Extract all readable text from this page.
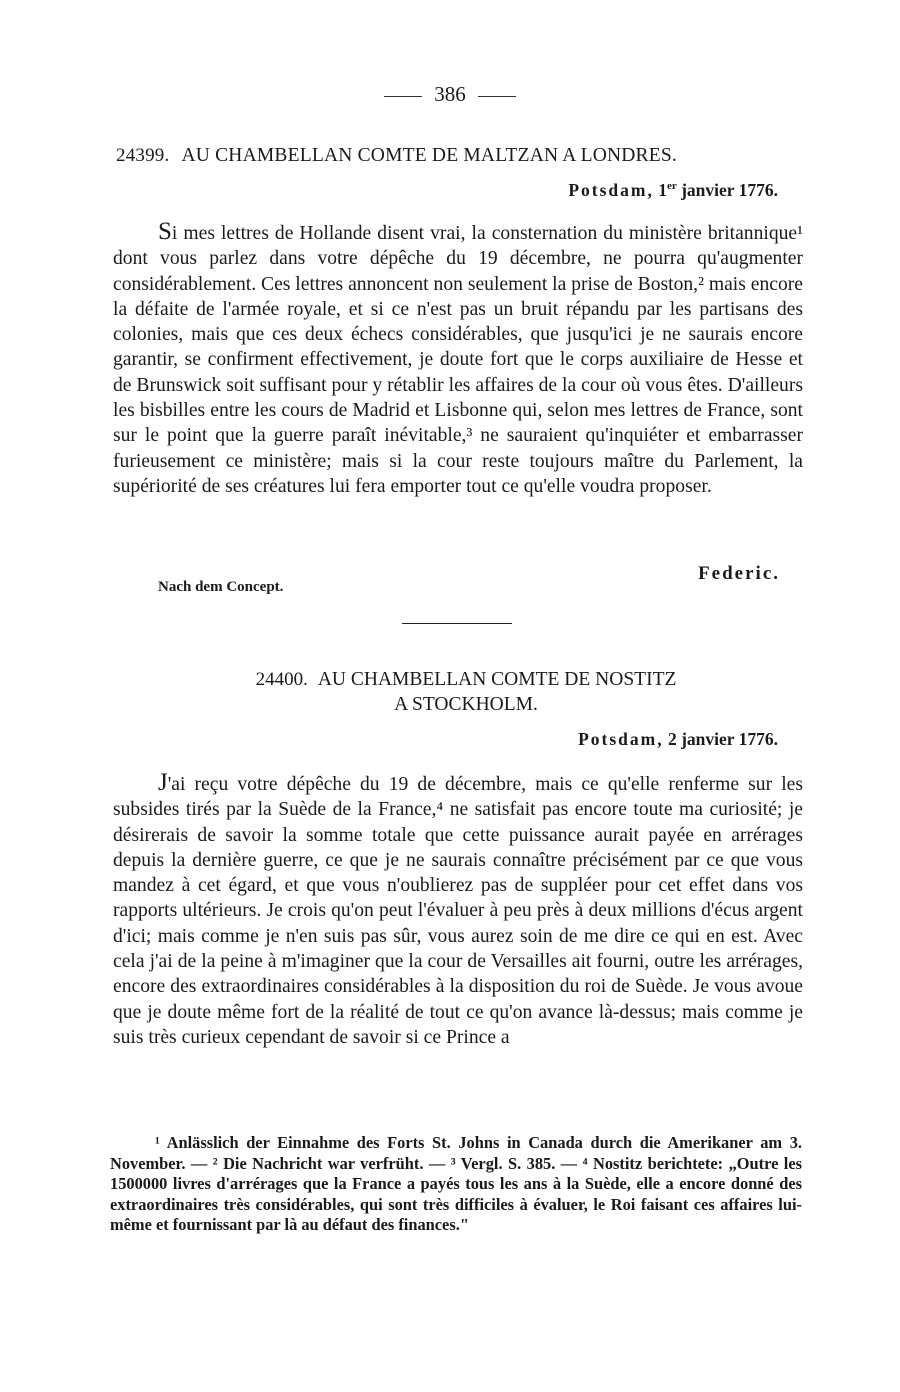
386
24399. AU CHAMBELLAN COMTE DE MALTZAN A LONDRES.
Potsdam, 1er janvier 1776.
Si mes lettres de Hollande disent vrai, la consternation du ministère britannique¹ dont vous parlez dans votre dépêche du 19 décembre, ne pourra qu'augmenter considérablement. Ces lettres annoncent non seulement la prise de Boston,² mais encore la défaite de l'armée royale, et si ce n'est pas un bruit répandu par les partisans des colonies, mais que ces deux échecs considérables, que jusqu'ici je ne saurais encore garantir, se confirment effectivement, je doute fort que le corps auxiliaire de Hesse et de Brunswick soit suffisant pour y rétablir les affaires de la cour où vous êtes. D'ailleurs les bisbilles entre les cours de Madrid et Lisbonne qui, selon mes lettres de France, sont sur le point que la guerre paraît inévitable,³ ne sauraient qu'inquiéter et embarrasser furieusement ce ministère; mais si la cour reste toujours maître du Parlement, la supériorité de ses créatures lui fera emporter tout ce qu'elle voudra proposer.
Federic.
Nach dem Concept.
24400. AU CHAMBELLAN COMTE DE NOSTITZ
A STOCKHOLM.
Potsdam, 2 janvier 1776.
J'ai reçu votre dépêche du 19 de décembre, mais ce qu'elle renferme sur les subsides tirés par la Suède de la France,⁴ ne satisfait pas encore toute ma curiosité; je désirerais de savoir la somme totale que cette puissance aurait payée en arrérages depuis la dernière guerre, ce que je ne saurais connaître précisément par ce que vous mandez à cet égard, et que vous n'oublierez pas de suppléer pour cet effet dans vos rapports ultérieurs. Je crois qu'on peut l'évaluer à peu près à deux millions d'écus argent d'ici; mais comme je n'en suis pas sûr, vous aurez soin de me dire ce qui en est. Avec cela j'ai de la peine à m'imaginer que la cour de Versailles ait fourni, outre les arrérages, encore des extraordinaires considérables à la disposition du roi de Suède. Je vous avoue que je doute même fort de la réalité de tout ce qu'on avance là-dessus; mais comme je suis très curieux cependant de savoir si ce Prince a
¹ Anlässlich der Einnahme des Forts St. Johns in Canada durch die Amerikaner am 3. November. — ² Die Nachricht war verfrüht. — ³ Vergl. S. 385. — ⁴ Nostitz berichtete: „Outre les 1500000 livres d'arrérages que la France a payés tous les ans à la Suède, elle a encore donné des extraordinaires très considérables, qui sont très difficiles à évaluer, le Roi faisant ces affaires lui-même et fournissant par là au défaut des finances."
